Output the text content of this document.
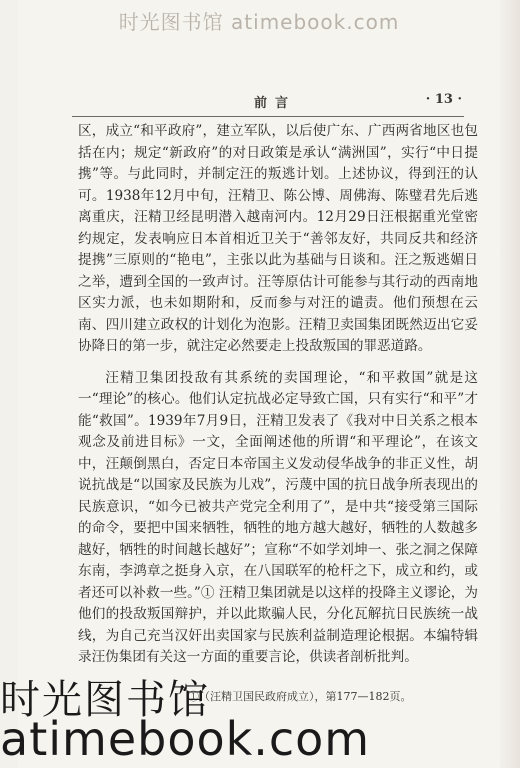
时光图书馆 atimebook.com
前言	· 13 ·

区，成立“和平政府”，建立军队，以后使广东、广西两省地区也包括在内；规定“新政府”的对日政策是承认“满洲国”，实行“中日提携”等。与此同时，并制定汪的叛逃计划。上述协议，得到汪的认可。1938年12月中旬，汪精卫、陈公博、周佛海、陈璧君先后逃离重庆，汪精卫经昆明潜入越南河内。12月29日汪根据重光堂密约规定，发表响应日本首相近卫关于“善邻友好，共同反共和经济提携”三原则的“艳电”，主张以此为基础与日谈和。汪之叛逃媚日之举，遭到全国的一致声讨。汪等原估计可能参与其行动的西南地区实力派，也未如期附和，反而参与对汪的谴责。他们预想在云南、四川建立政权的计划化为泡影。汪精卫卖国集团既然迈出它妥协降日的第一步，就注定必然要走上投敌叛国的罪恶道路。

汪精卫集团投敌有其系统的卖国理论，“和平救国”就是这一“理论”的核心。他们认定抗战必定导致亡国，只有实行“和平”才能“救国”。1939年7月9日，汪精卫发表了《我对中日关系之根本观念及前进目标》一文，全面阐述他的所谓“和平理论”，在该文中，汪颠倒黑白，否定日本帝国主义发动侵华战争的非正义性，胡说抗战是“以国家及民族为儿戏”，污蔑中国的抗日战争所表现出的民族意识，“如今已被共产党完全利用了”，是中共“接受第三国际的命令，要把中国来牺牲，牺牲的地方越大越好，牺牲的人数越多越好，牺牲的时间越长越好”；宣称“不如学刘坤一、张之洞之保障东南，李鸿章之挺身入京，在八国联军的枪杆之下，成立和约，或者还可以补救一些。”① 汪精卫集团就是以这样的投降主义谬论，为他们的投敌叛国辩护，并以此欺骗人民，分化瓦解抗日民族统一战线，为自己充当汉奸出卖国家与民族利益制造理论根据。本编特辑录汪伪集团有关这一方面的重要言论，供读者剖析批判。

①（汪精卫国民政府成立），第177—182页。
时光图书馆
atimebook.com
